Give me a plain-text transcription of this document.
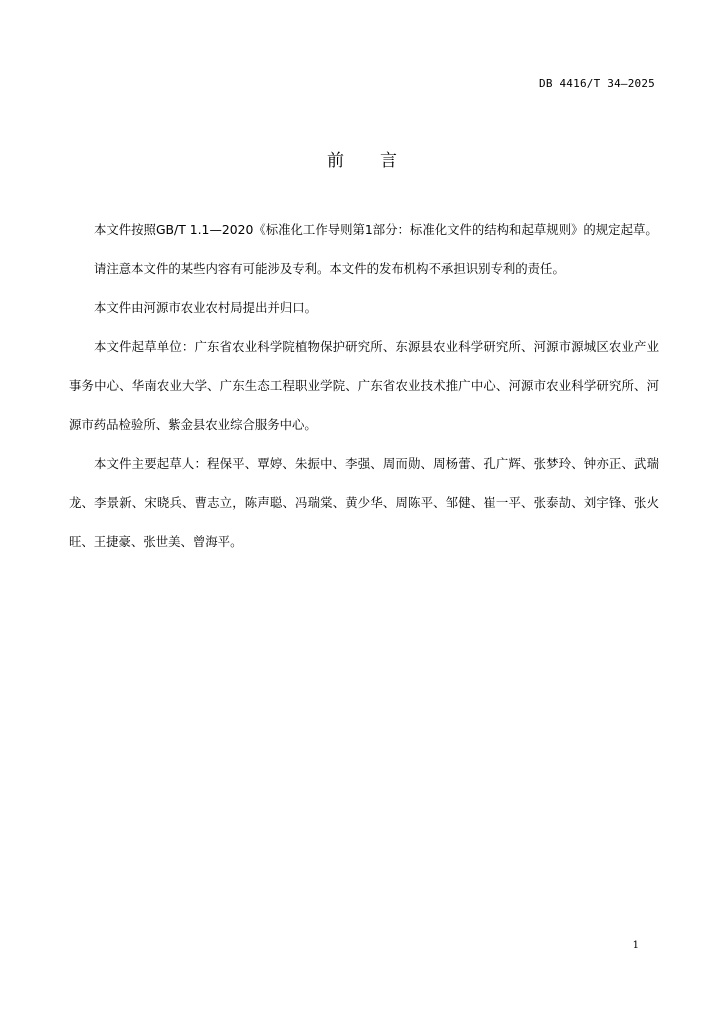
DB 4416/T 34—2025
前 言

本文件按照GB/T 1.1—2020《标准化工作导则第1部分：标准化文件的结构和起草规则》的规定起草。

请注意本文件的某些内容有可能涉及专利。本文件的发布机构不承担识别专利的责任。

本文件由河源市农业农村局提出并归口。

本文件起草单位：广东省农业科学院植物保护研究所、东源县农业科学研究所、河源市源城区农业产业事务中心、华南农业大学、广东生态工程职业学院、广东省农业技术推广中心、河源市农业科学研究所、河源市药品检验所、紫金县农业综合服务中心。

本文件主要起草人：程保平、覃婷、朱振中、李强、周而勋、周杨蕾、孔广辉、张梦玲、钟亦正、武瑞龙、李景新、宋晓兵、曹志立，陈声聪、冯瑞棠、黄少华、周陈平、邹健、崔一平、张泰劼、刘宇锋、张火旺、王捷豪、张世美、曾海平。

1
